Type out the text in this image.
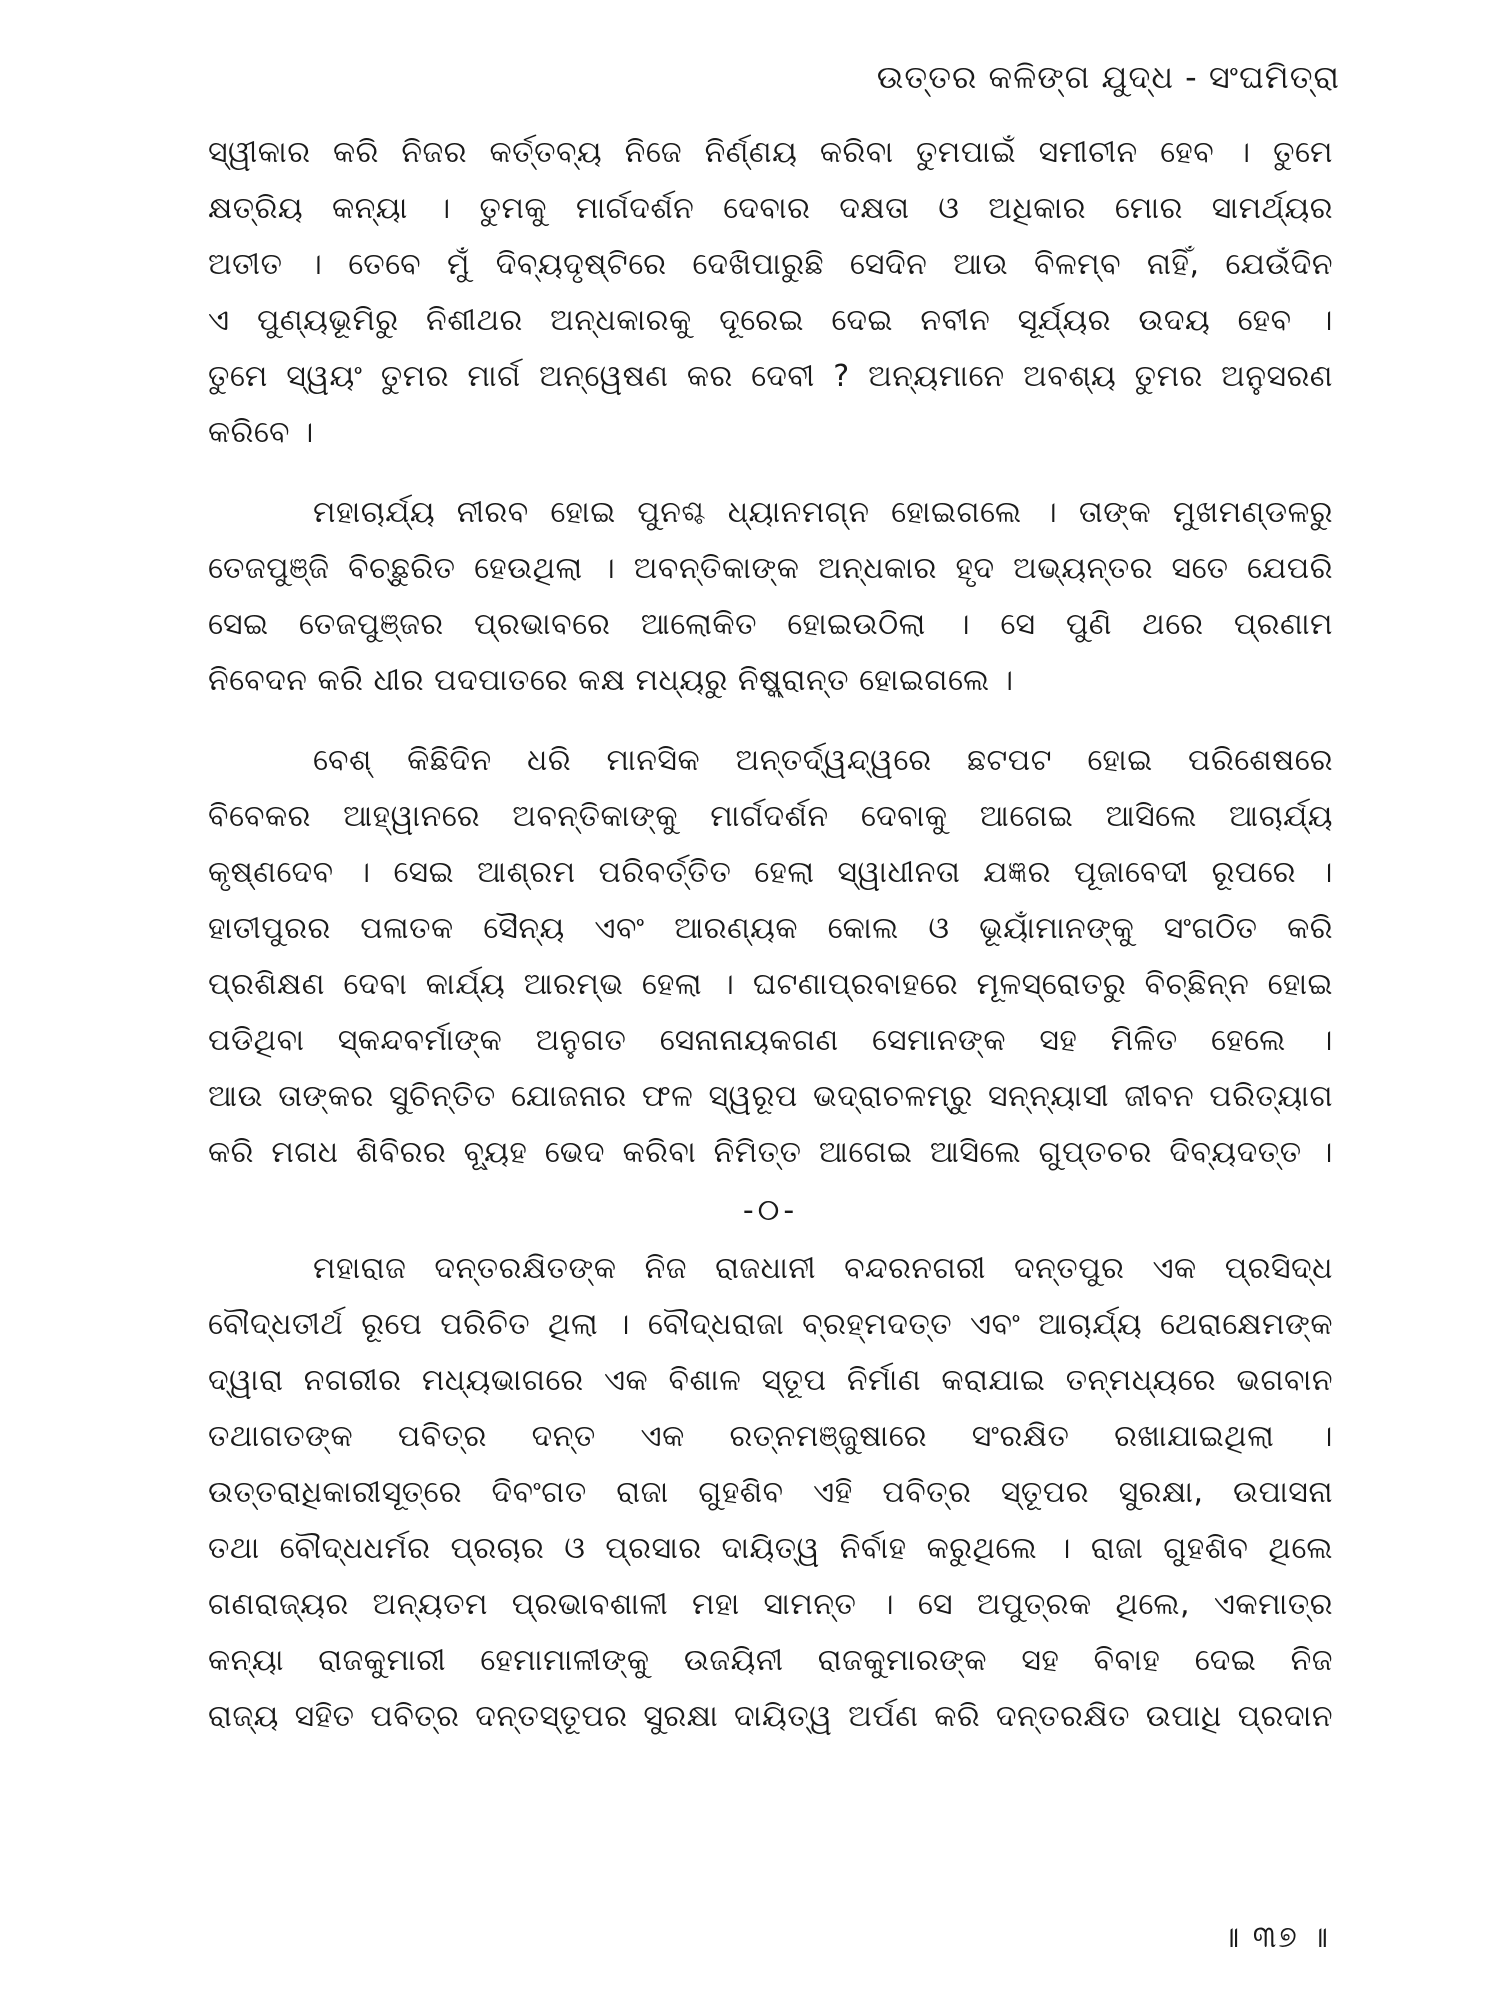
ଉତ୍ତର କଳିଙ୍ଗ ଯୁଦ୍ଧ - ସଂଘମିତ୍ରା
ସ୍ୱୀକାର କରି ନିଜର କର୍ତ୍ତବ୍ୟ ନିଜେ ନିର୍ଣ୍ଣୟ କରିବା ତୁମପାଇଁ ସମୀଚୀନ ହେବ । ତୁମେ
କ୍ଷତ୍ରିୟ କନ୍ୟା । ତୁମକୁ ମାର୍ଗଦର୍ଶନ ଦେବାର ଦକ୍ଷତା ଓ ଅଧିକାର ମୋର ସାମର୍ଥ୍ୟର
ଅତୀତ । ତେବେ ମୁଁ ଦିବ୍ୟଦୃଷ୍ଟିରେ ଦେଖିପାରୁଛି ସେଦିନ ଆଉ ବିଳମ୍ବ ନାହିଁ, ଯେଉଁଦିନ
ଏ ପୁଣ୍ୟଭୂମିରୁ ନିଶୀଥର ଅନ୍ଧକାରକୁ ଦୂରେଇ ଦେଇ ନବୀନ ସୂର୍ଯ୍ୟର ଉଦୟ ହେବ ।
ତୁମେ ସ୍ୱୟଂ ତୁମର ମାର୍ଗ ଅନ୍ୱେଷଣ କର ଦେବୀ ? ଅନ୍ୟମାନେ ଅବଶ୍ୟ ତୁମର ଅନୁସରଣ
କରିବେ ।
ମହାଚାର୍ଯ୍ୟ ନୀରବ ହୋଇ ପୁନଶ୍ଚ ଧ୍ୟାନମଗ୍ନ ହୋଇଗଲେ । ତାଙ୍କ ମୁଖମଣ୍ଡଳରୁ
ତେଜପୁଞ୍ଜି ବିଚ୍ଛୁରିତ ହେଉଥିଲା । ଅବନ୍ତିକାଙ୍କ ଅନ୍ଧକାର ହୃଦ ଅଭ୍ୟନ୍ତର ସତେ ଯେପରି
ସେଇ ତେଜପୁଞ୍ଜର ପ୍ରଭାବରେ ଆଲୋକିତ ହୋଇଉଠିଲା । ସେ ପୁଣି ଥରେ ପ୍ରଣାମ
ନିବେଦନ କରି ଧୀର ପଦପାତରେ କକ୍ଷ ମଧ୍ୟରୁ ନିଷ୍କ୍ରାନ୍ତ ହୋଇଗଲେ ।
ବେଶ୍ କିଛିଦିନ ଧରି ମାନସିକ ଅନ୍ତର୍ଦ୍ୱନ୍ଦ୍ୱରେ ଛଟପଟ ହୋଇ ପରିଶେଷରେ
ବିବେକର ଆହ୍ୱାନରେ ଅବନ୍ତିକାଙ୍କୁ ମାର୍ଗଦର୍ଶନ ଦେବାକୁ ଆଗେଇ ଆସିଲେ ଆଚାର୍ଯ୍ୟ
କୃଷ୍ଣଦେବ । ସେଇ ଆଶ୍ରମ ପରିବର୍ତ୍ତିତ ହେଲା ସ୍ୱାଧୀନତା ଯଜ୍ଞର ପୂଜାବେଦୀ ରୂପରେ ।
ହାତୀପୁରର ପଳାତକ ସୈନ୍ୟ ଏବଂ ଆରଣ୍ୟକ କୋଲ ଓ ଭୂୟାଁମାନଙ୍କୁ ସଂଗଠିତ କରି
ପ୍ରଶିକ୍ଷଣ ଦେବା କାର୍ଯ୍ୟ ଆରମ୍ଭ ହେଲା । ଘଟଣାପ୍ରବାହରେ ମୂଳସ୍ରୋତରୁ ବିଚ୍ଛିନ୍ନ ହୋଇ
ପଡିଥିବା ସ୍କନ୍ଦବର୍ମାଙ୍କ ଅନୁଗତ ସେନାନାୟକଗଣ ସେମାନଙ୍କ ସହ ମିଳିତ ହେଲେ ।
ଆଉ ତାଙ୍କର ସୁଚିନ୍ତିତ ଯୋଜନାର ଫଳ ସ୍ୱରୂପ ଭଦ୍ରାଚଳମ୍‌ରୁ ସନ୍ନ୍ୟାସୀ ଜୀବନ ପରିତ୍ୟାଗ
କରି ମଗଧ ଶିବିରର ବ୍ୟୂହ ଭେଦ କରିବା ନିମିତ୍ତ ଆଗେଇ ଆସିଲେ ଗୁପ୍ତଚର ଦିବ୍ୟଦତ୍ତ ।
-୦-
ମହାରାଜ ଦନ୍ତରକ୍ଷିତଙ୍କ ନିଜ ରାଜଧାନୀ ବନ୍ଦରନଗରୀ ଦନ୍ତପୁର ଏକ ପ୍ରସିଦ୍ଧ
ବୌଦ୍ଧତୀର୍ଥ ରୂପେ ପରିଚିତ ଥିଲା । ବୌଦ୍ଧରାଜା ବ୍ରହ୍ମଦତ୍ତ ଏବଂ ଆଚାର୍ଯ୍ୟ ଥେରାକ୍ଷେମଙ୍କ
ଦ୍ୱାରା ନଗରୀର ମଧ୍ୟଭାଗରେ ଏକ ବିଶାଳ ସ୍ତୂପ ନିର୍ମାଣ କରାଯାଇ ତନ୍ମଧ୍ୟରେ ଭଗବାନ
ତଥାଗତଙ୍କ ପବିତ୍ର ଦନ୍ତ ଏକ ରତ୍ନମଞ୍ଜୁଷାରେ ସଂରକ୍ଷିତ ରଖାଯାଇଥିଲା ।
ଉତ୍ତରାଧିକାରୀସୂତ୍ରେ ଦିବଂଗତ ରାଜା ଗୁହଶିବ ଏହି ପବିତ୍ର ସ୍ତୂପର ସୁରକ୍ଷା, ଉପାସନା
ତଥା ବୌଦ୍ଧଧର୍ମର ପ୍ରଚାର ଓ ପ୍ରସାର ଦାୟିତ୍ୱ ନିର୍ବାହ କରୁଥିଲେ । ରାଜା ଗୁହଶିବ ଥିଲେ
ଗଣରାଜ୍ୟର ଅନ୍ୟତମ ପ୍ରଭାବଶାଳୀ ମହା ସାମନ୍ତ । ସେ ଅପୁତ୍ରକ ଥିଲେ, ଏକମାତ୍ର
କନ୍ୟା ରାଜକୁମାରୀ ହେମାମାଳୀଙ୍କୁ ଉଜୟିନୀ ରାଜକୁମାରଙ୍କ ସହ ବିବାହ ଦେଇ ନିଜ
ରାଜ୍ୟ ସହିତ ପବିତ୍ର ଦନ୍ତସ୍ତୂପର ସୁରକ୍ଷା ଦାୟିତ୍ୱ ଅର୍ପଣ କରି ଦନ୍ତରକ୍ଷିତ ଉପାଧି ପ୍ରଦାନ
॥ ୩୭ ॥
